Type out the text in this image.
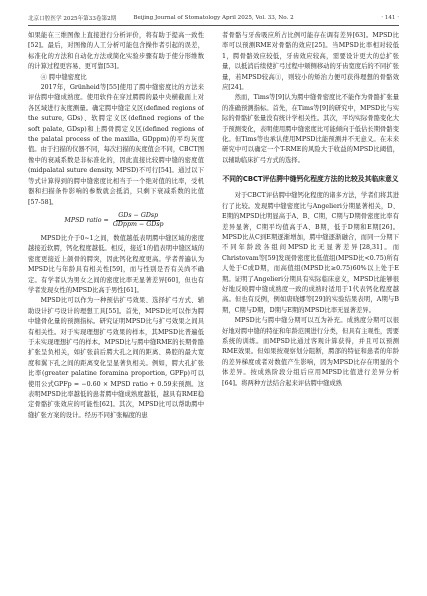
北京口腔医学 2025年第33卷第2期	Beijing Journal of Stomatology April 2025, Vol. 33, No. 2	· 141 ·

如果能在三维图像上直接进行分析评价，将有助于提高一致性[52]。最后，对图像的人工分析可能包含操作者引起的误差，标准化的方法和自动化方法或简化实验步骤有助于使分形维数的计算过程更容易、更可靠[53]。

④ 腭中缝密度比

2017年，Grünheid等[55]使用了腭中缝密度比的方法来评估腭中缝成熟度。使用软件在穿过腭腭的最中央横截面上对各区域进行灰度测量。确定腭中缝定义区(defined regions of the suture, GDs)、软腭定义区(defined regions of the soft palate, GDsp)和上腭骨腭定义区(defined regions of the palatal process of the maxilla, GDppm)的平均灰度值。由于扫描的仪器不同，每次扫描的灰度值会不同，CBCT图像中的衰减系数是非标准化的，因此直接比较腭中缝的密度值(midpalatal suture density, MPSD)不可行[54]。通过以下等式计算得到的腭中缝密度比相当于一个绝对值的比率，受机器和扫描条件影响的参数就会抵消，只剩下衰减系数的比值[57-58]。

MPSD ratio = $\frac{\text{GDs − GDsp}}{\text{GDppm − GDsp}}$

MPSD比介于0~1之间，数值越低表明腭中缝区域的密度越接近软腭，钙化程度越低。相反，接近1的值表明中缝区域的密度更接近上颌骨的腭突，因此钙化程度更高。学者普遍认为MPSD比与年龄具有相关性[59]，而与性别是否有关尚不确定。有学者认为男女之间的密度比率无显著差异[60]，但也有学者发现女性的MPSD比高于男性[61]。

MPSD比可以作为一种预估扩弓效果、选择扩弓方式、辅助设计扩弓设计的理想工具[55]。首先，MPSD比可以作为腭中缝骨化量的预测指标。研究证明MPSD比与扩弓效果之间具有相关性。对于实现理想扩弓效果的样本，其MPSD比普遍低于未实现理想扩弓的样本。MPSD比与腭中缝RME的长期骨骼扩张呈负相关，如扩张前后腭大孔之间的距离、鼻腔的最大宽度和翼下孔之间的距离变化呈显著负相关。例如，腭大孔扩张比率(greater palatine foramina proportion, GPFp)可以使用公式GPFp = −0.60 × MPSD ratio + 0.59来预测。这表明MPSD比率越低的患者腭中缝成熟度越低，越具有RME稳定骨骼扩张效应的可能性[62]。其次，MPSD比可以帮助腭中缝扩张方案的设计。经历不同扩张幅度的患

者骨骼与牙齿吸应所占比例可能存在调有差异[63]。MPSD比率可以预测RME对骨骼的效应[25]。当MPSD比率相对较低1，腭骨骼效应较低，牙齿效应较高，需要设计更大的总扩张量，以抵消后续使扩弓过程中颊侧移动的牙齿宽度后的不同扩张量，若MPSD较高①，则较小的矫治力便可获得理想的骨骼效应[24]。

然而，Tims等[9]认为腭中缝骨密度比不能作为骨骼扩张量的准确预测指标。首先，在Tims等[9]的研究中，MPSD比与实际的骨骼扩张量没有统计学相关性。其次，平均实际骨骼变化大于预测变化，表明使用腭中缝密度比可能倾向于低估长期骨骼变化。但Tims等也承认使用MPSD比能预测并不无意义。在未来研究中可以确定一个T-RME的风险大于收益的MPSD比阈值，以辅助临床扩弓方式的选择。

不同的CBCT评估腭中缝钙化程度方法的比较及其临床意义

对于CBCT评估腭中缝钙化程度的诸多方法，学者们将其进行了比较。发现腭中缝密度比与Angelieri分期显著相关，D、E期的MPSD比明显高于A、B、C期，C期与D期骨密度比率有差异显著，C期平均值高于A、B期，低于D期和E期[26]。MPSD比从C到E期逐渐增加，腭中缝逐渐融合，而同一分期下不同年龄段各组间MPSD比无显著差异[28,31]。而Christovam等[59]发现骨密度比低值组(MPSD比<0.75)所有人处于C或D期，而高值组(MPSD比≥0.75)60%以上处于E期。证明了Angelieri分期具有实际临床意义，MPSD比能够很好地反映腭中缝成熟度一致的成熟时适用于1代表钙化程度越高。但也有反例，例如唐晓娜等[29]的实验结果表明，A期与B期，C期与D期，D期与E期的MPSD比率无显著差异。

MPSD比与腭中缝分期可以互为补充。成熟度分期可以很好地对腭中缝的特征和年龄范围进行分类，但具有主观性，需要系统的训练。而MPSD比通过客观计算获得，并且可以预测RME效果。但如果按观察划分阻断，腭部的特征和患者的年龄的差异梯度或者对数值产生影响，因为MPSD比存在明显的个体差异。按成熟阶段分组后应用MPSD比值进行差异分析[64]。将两种方法结合起来评估腭中缝成熟
